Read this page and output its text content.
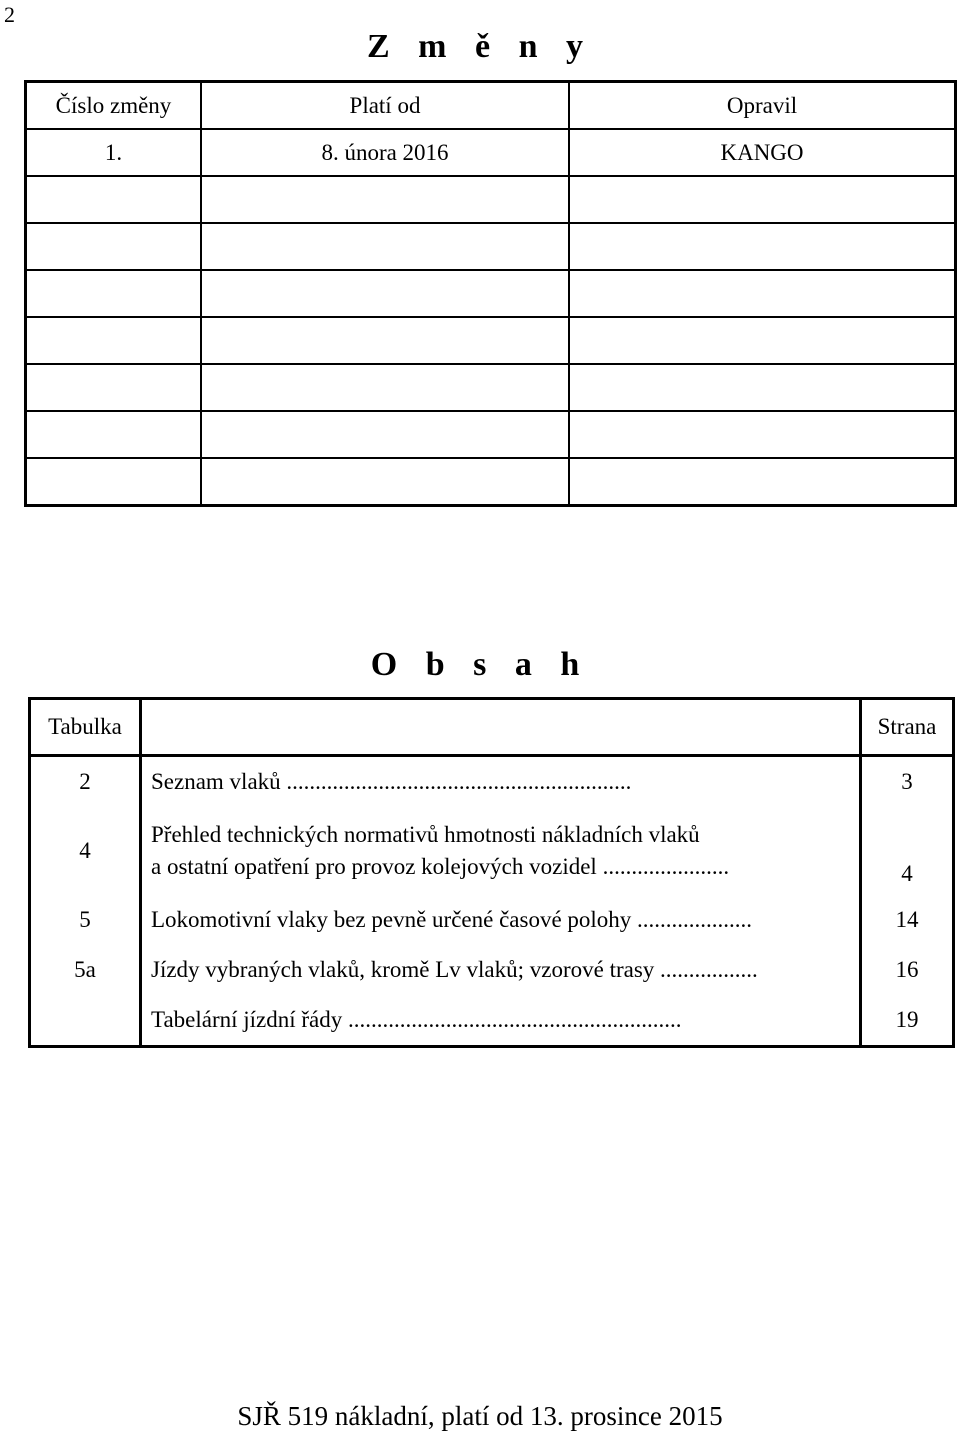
2
Z m ě n y
Číslo změny	Platí od	Opravil
1.	8. února 2016	KANGO

O b s a h
Tabulka		Strana
2	Seznam vlaků ............................................................	3
4	Přehled technických normativů hmotnosti nákladních vlaků
a ostatní opatření pro provoz kolejových vozidel ......................	4
5	Lokomotivní vlaky bez pevně určené časové polohy ....................	14
5a	Jízdy vybraných vlaků, kromě Lv vlaků; vzorové trasy .................	16

	Tabelární jízdní řády ..........................................................	19
SJŘ 519 nákladní, platí od 13. prosince 2015
